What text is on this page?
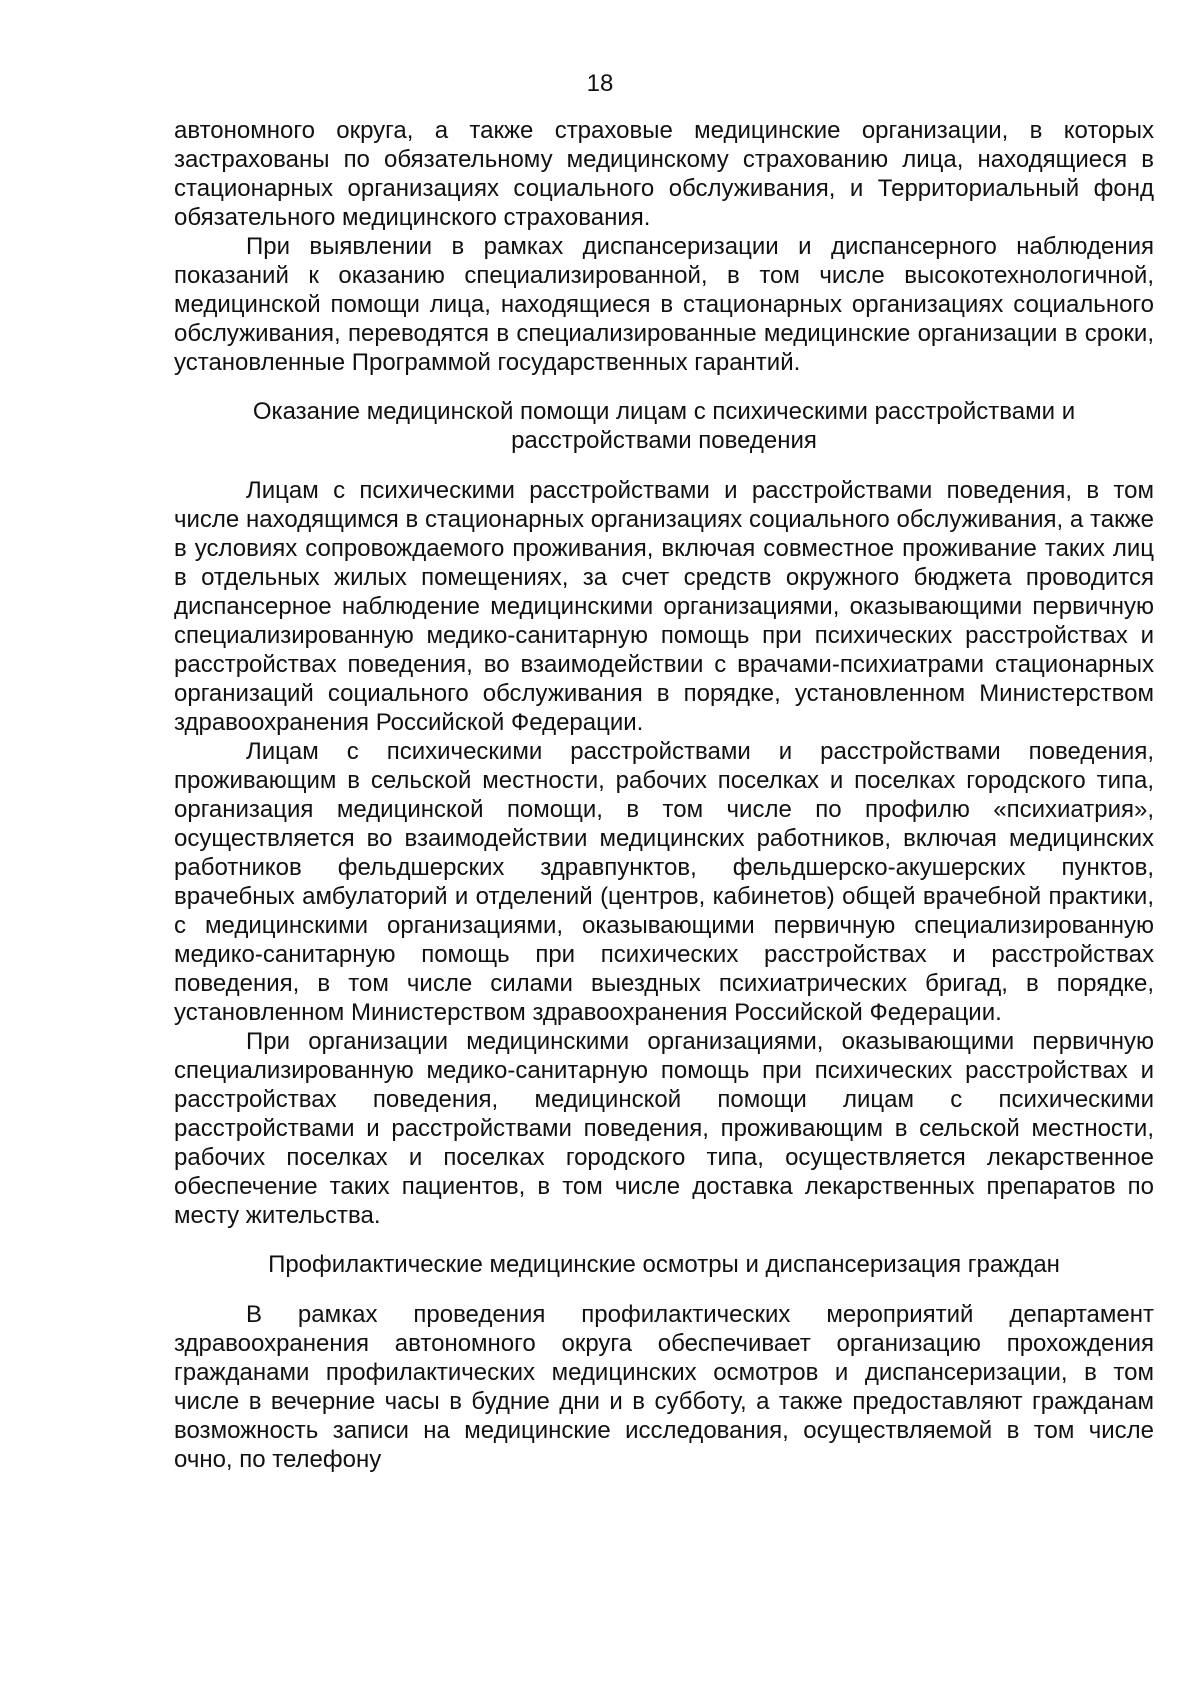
18

автономного округа, а также страховые медицинские организации, в которых застрахованы по обязательному медицинскому страхованию лица, находящиеся в стационарных организациях социального обслуживания, и Территориальный фонд обязательного медицинского страхования.

При выявлении в рамках диспансеризации и диспансерного наблюдения показаний к оказанию специализированной, в том числе высокотехнологичной, медицинской помощи лица, находящиеся в стационарных организациях социального обслуживания, переводятся в специализированные медицинские организации в сроки, установленные Программой государственных гарантий.

Оказание медицинской помощи лицам с психическими расстройствами и расстройствами поведения

Лицам с психическими расстройствами и расстройствами поведения, в том числе находящимся в стационарных организациях социального обслуживания, а также в условиях сопровождаемого проживания, включая совместное проживание таких лиц в отдельных жилых помещениях, за счет средств окружного бюджета проводится диспансерное наблюдение медицинскими организациями, оказывающими первичную специализированную медико-санитарную помощь при психических расстройствах и расстройствах поведения, во взаимодействии с врачами-психиатрами стационарных организаций социального обслуживания в порядке, установленном Министерством здравоохранения Российской Федерации.

Лицам с психическими расстройствами и расстройствами поведения, проживающим в сельской местности, рабочих поселках и поселках городского типа, организация медицинской помощи, в том числе по профилю «психиатрия», осуществляется во взаимодействии медицинских работников, включая медицинских работников фельдшерских здравпунктов, фельдшерско-акушерских пунктов, врачебных амбулаторий и отделений (центров, кабинетов) общей врачебной практики, с медицинскими организациями, оказывающими первичную специализированную медико-санитарную помощь при психических расстройствах и расстройствах поведения, в том числе силами выездных психиатрических бригад, в порядке, установленном Министерством здравоохранения Российской Федерации.

При организации медицинскими организациями, оказывающими первичную специализированную медико-санитарную помощь при психических расстройствах и расстройствах поведения, медицинской помощи лицам с психическими расстройствами и расстройствами поведения, проживающим в сельской местности, рабочих поселках и поселках городского типа, осуществляется лекарственное обеспечение таких пациентов, в том числе доставка лекарственных препаратов по месту жительства.

Профилактические медицинские осмотры и диспансеризация граждан

В рамках проведения профилактических мероприятий департамент здравоохранения автономного округа обеспечивает организацию прохождения гражданами профилактических медицинских осмотров и диспансеризации, в том числе в вечерние часы в будние дни и в субботу, а также предоставляют гражданам возможность записи на медицинские исследования, осуществляемой в том числе очно, по телефону
